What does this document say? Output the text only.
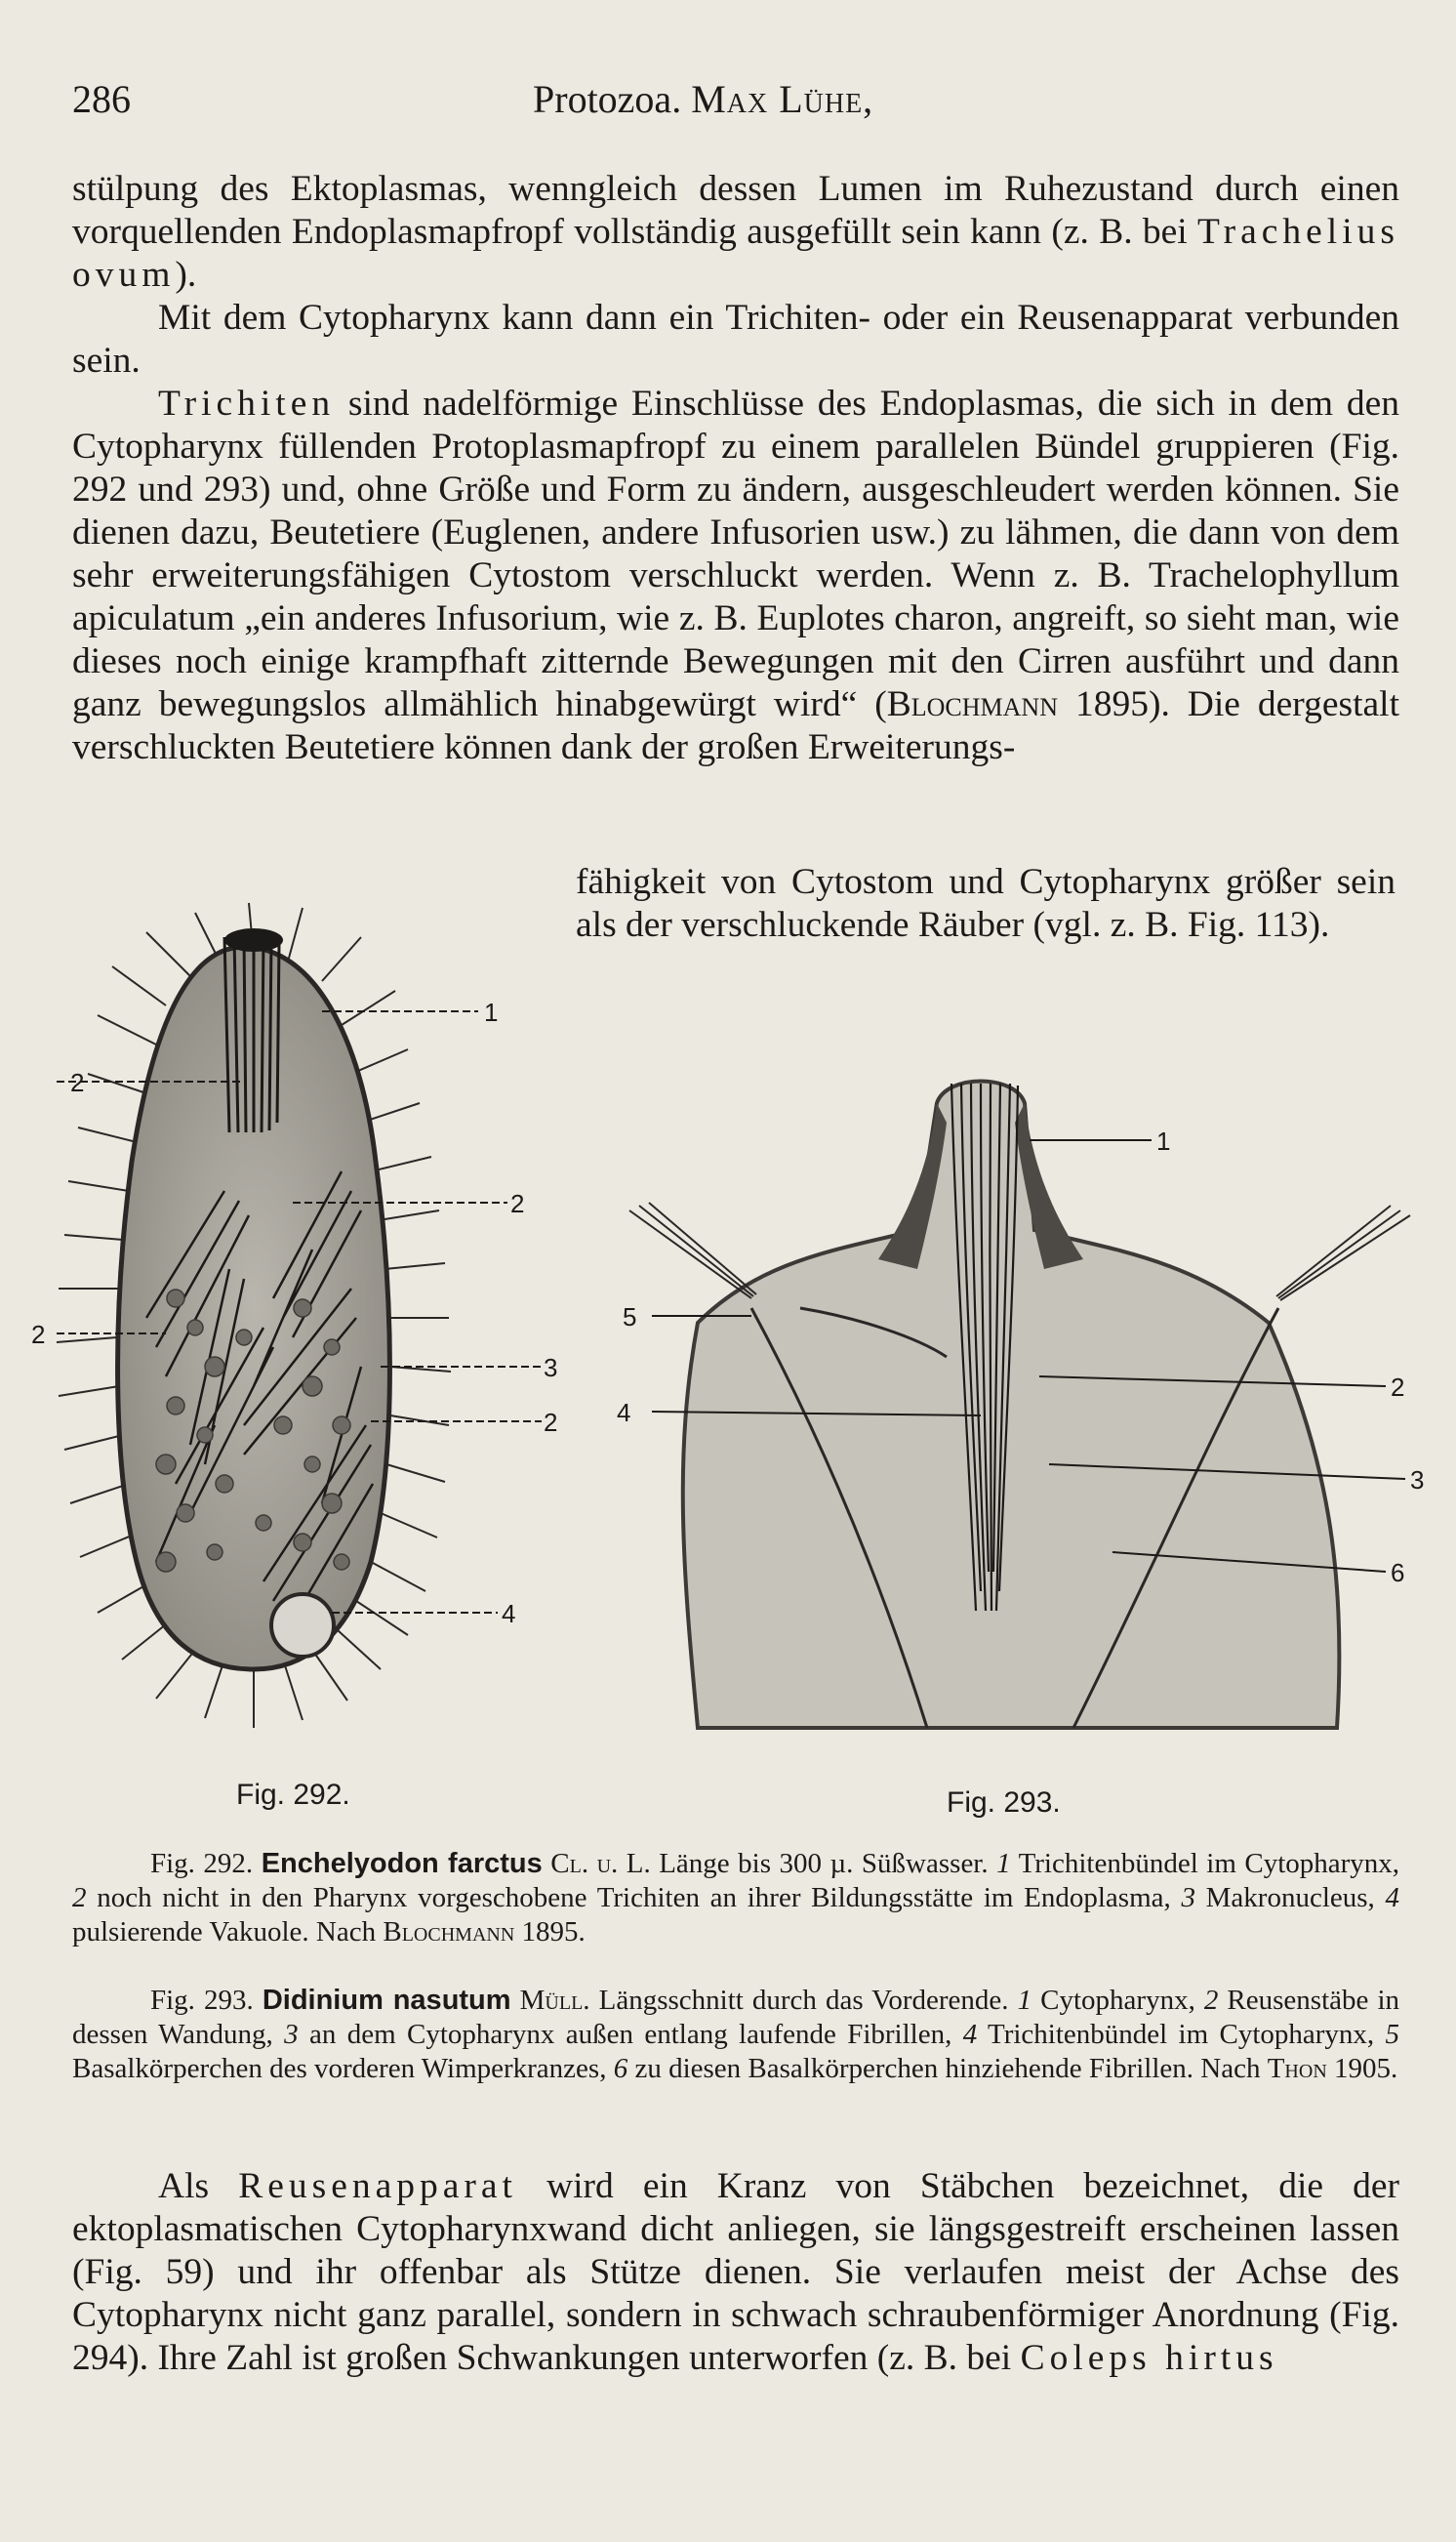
286	Protozoa. Max Lühe,
stülpung des Ektoplasmas, wenngleich dessen Lumen im Ruhezustand durch einen vorquellenden Endoplasmapfropf vollständig ausgefüllt sein kann (z. B. bei Trachelius ovum).
Mit dem Cytopharynx kann dann ein Trichiten- oder ein Reusenapparat verbunden sein.
Trichiten sind nadelförmige Einschlüsse des Endoplasmas, die sich in dem den Cytopharynx füllenden Protoplasmapfropf zu einem parallelen Bündel gruppieren (Fig. 292 und 293) und, ohne Größe und Form zu ändern, ausgeschleudert werden können. Sie dienen dazu, Beutetiere (Euglenen, andere Infusorien usw.) zu lähmen, die dann von dem sehr erweiterungsfähigen Cytostom verschluckt werden. Wenn z. B. Trachelophyllum apiculatum „ein anderes Infusorium, wie z. B. Euplotes charon, angreift, so sieht man, wie dieses noch einige krampfhaft zitternde Bewegungen mit den Cirren ausführt und dann ganz bewegungslos allmählich hinabgewürgt wird“ (Blochmann 1895). Die dergestalt verschluckten Beutetiere können dank der großen Erweiterungs-
fähigkeit von Cytostom und Cytopharynx größer sein als der verschluckende Räuber (vgl. z. B. Fig. 113).
1
2
2
2
3
2
4
1
5
2
4
3
6
Fig. 292.	Fig. 293.
Fig. 292. Enchelyodon farctus Cl. u. L. Länge bis 300 µ. Süßwasser. 1 Trichitenbündel im Cytopharynx, 2 noch nicht in den Pharynx vorgeschobene Trichiten an ihrer Bildungsstätte im Endoplasma, 3 Makronucleus, 4 pulsierende Vakuole. Nach Blochmann 1895.
Fig. 293. Didinium nasutum Müll. Längsschnitt durch das Vorderende. 1 Cytopharynx, 2 Reusenstäbe in dessen Wandung, 3 an dem Cytopharynx außen entlang laufende Fibrillen, 4 Trichitenbündel im Cytopharynx, 5 Basalkörperchen des vorderen Wimperkranzes, 6 zu diesen Basalkörperchen hinziehende Fibrillen. Nach Thon 1905.
Als Reusenapparat wird ein Kranz von Stäbchen bezeichnet, die der ektoplasmatischen Cytopharynxwand dicht anliegen, sie längsgestreift erscheinen lassen (Fig. 59) und ihr offenbar als Stütze dienen. Sie verlaufen meist der Achse des Cytopharynx nicht ganz parallel, sondern in schwach schraubenförmiger Anordnung (Fig. 294). Ihre Zahl ist großen Schwankungen unterworfen (z. B. bei Coleps hirtus
